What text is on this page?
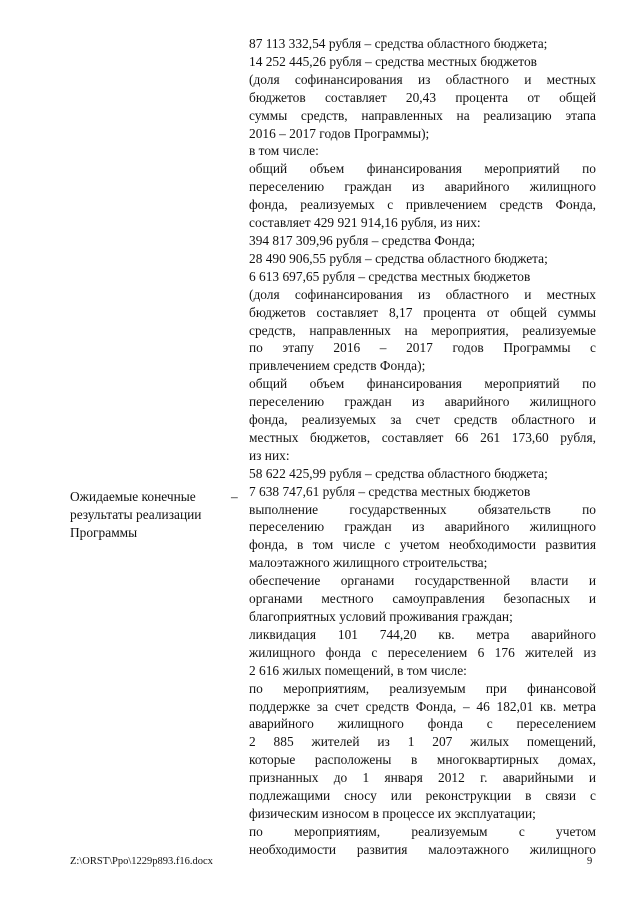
87 113 332,54 рубля – средства областного бюджета;

14 252 445,26 рубля – средства местных бюджетов

(доля софинансирования из областного и местных

бюджетов составляет 20,43 процента от общей

суммы средств, направленных на реализацию этапа

2016 – 2017 годов Программы);

в том числе:

общий объем финансирования мероприятий по

переселению граждан из аварийного жилищного

фонда, реализуемых с привлечением средств Фонда,

составляет 429 921 914,16 рубля, из них:

394 817 309,96 рубля – средства Фонда;

28 490 906,55 рубля – средства областного бюджета;

6 613 697,65 рубля – средства местных бюджетов

(доля софинансирования из областного и местных

бюджетов составляет 8,17 процента от общей суммы

средств, направленных на мероприятия, реализуемые

по этапу 2016 – 2017 годов Программы с

привлечением средств Фонда);

общий объем финансирования мероприятий по

переселению граждан из аварийного жилищного

фонда, реализуемых за счет средств областного и

местных бюджетов, составляет 66 261 173,60 рубля,

из них:

58 622 425,99 рубля – средства областного бюджета;

7 638 747,61 рубля – средства местных бюджетов

выполнение государственных обязательств по

переселению граждан из аварийного жилищного

фонда, в том числе с учетом необходимости развития

малоэтажного жилищного строительства;

обеспечение органами государственной власти и

органами местного самоуправления безопасных и

благоприятных условий проживания граждан;

ликвидация 101 744,20 кв. метра аварийного

жилищного фонда с переселением 6 176 жителей из

2 616 жилых помещений, в том числе:

по мероприятиям, реализуемым при финансовой

поддержке за счет средств Фонда, – 46 182,01 кв. метра

аварийного жилищного фонда с переселением

2 885 жителей из 1 207 жилых помещений,

которые расположены в многоквартирных домах,

признанных до 1 января 2012 г. аварийными и

подлежащими сносу или реконструкции в связи с

физическим износом в процессе их эксплуатации;

по мероприятиям, реализуемым с учетом

необходимости развития малоэтажного жилищного

Ожидаемые конечные

результаты реализации

Программы

–
Z:\ORST\Ppo\1229p893.f16.docx	9
